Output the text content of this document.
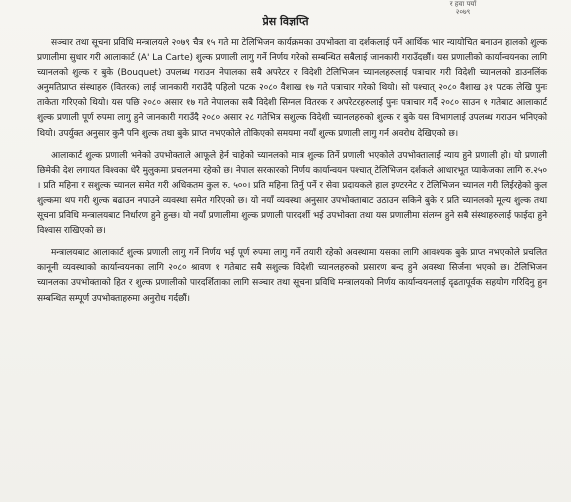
र हवा पर्या
२०७९
प्रेस विज्ञप्ति

सञ्चार तथा सूचना प्रविधि मन्त्रालयले २०७९ चैत्र १५ गते मा टेलिभिजन कार्यक्रमका उपभोक्ता वा दर्शकलाई पर्ने आर्थिक भार न्यायोचित बनाउन हालको शुल्क प्रणालीमा सुधार गरी आलाकार्ट (A' La Carte) शुल्क प्रणाली लागु गर्ने निर्णय गरेको सम्बन्धित सबैलाई जानकारी गराउँदछौं। यस प्रणालीको कार्यान्वयनका लागि च्यानलको शुल्क र बुके (Bouquet) उपलब्ध गराउन नेपालका सबै अपरेटर र विदेशी टेलिभिजन च्यानलहरुलाई पत्राचार गरी विदेशी च्यानलको डाउनलिंक अनुमतिप्राप्त संस्थाहरु (वितरक) लाई जानकारी गराउँदै पहिलो पटक २०८० वैशाख १७ गते पत्राचार गरेको थियो। सो पश्चात् २०८० वैशाख ३१ पटक लेखि पुनः ताकेता गरिएको थियो। यस पछि २०८० असार १७ गते नेपालका सबै विदेशी सिग्नल वितरक र अपरेटरहरुलाई पुनः पत्राचार गर्दै २०८० साउन १ गतेबाट आलाकार्ट शुल्क प्रणाली पूर्ण रुपमा लागु हुने जानकारी गराउँदै २०८० असार २८ गतेभित्र सशुल्क विदेशी च्यानलहरुको शुल्क र बुके यस विभागलाई उपलब्ध गराउन भनिएको थियो। उपर्युक्त अनुसार कुनै पनि शुल्क तथा बुके प्राप्त नभएकोले तोकिएको समयमा नयाँ शुल्क प्रणाली लागु गर्न अवरोध देखिएको छ।

आलाकार्ट शुल्क प्रणाली भनेको उपभोक्ताले आफूले हेर्न चाहेको च्यानलको मात्र शुल्क तिर्ने प्रणाली भएकोले उपभोक्तालाई न्याय हुने प्रणाली हो। यो प्रणाली छिमेकी देश लगायत विश्वका धेरै मुलुकमा प्रचलनमा रहेको छ। नेपाल सरकारको निर्णय कार्यान्वयन पश्चात् टेलिभिजन दर्शकले आधारभूत प्याकेजका लागि रु.२५० । प्रति महिना र सशुल्क च्यानल समेत गरी अधिकतम कुल रु. ५००। प्रति महिना तिर्नु पर्ने र सेवा प्रदायकले हाल इण्टरनेट र टेलिभिजन च्यानल गरी लिईरहेको कुल शुल्कमा थप गरी शुल्क बढाउन नपाउने व्यवस्था समेत गरिएको छ। यो नयाँ व्यवस्था अनुसार उपभोक्ताबाट उठाउन सकिने बुके र प्रति च्यानलको मूल्य शुल्क तथा सूचना प्रविधि मन्त्रालयबाट निर्धारण हुने हुन्छ। यो नयाँ प्रणालीमा शुल्क प्रणाली पारदर्शी भई उपभोक्ता तथा यस प्रणालीमा संलग्न हुने सबै संस्थाहरुलाई फाईदा हुने विश्वास राखिएको छ।

मन्त्रालयबाट आलाकार्ट शुल्क प्रणाली लागु गर्ने निर्णय भई पूर्ण रुपमा लागु गर्ने तयारी रहेको अवस्थामा यसका लागि आवश्यक बुके प्राप्त नभएकोले प्रचलित कानूनी व्यवस्थाको कार्यान्वयनका लागि २०८० श्रावण १ गतेबाट सबै सशुल्क विदेशी च्यानलहरुको प्रसारण बन्द हुने अवस्था सिर्जना भएको छ। टेलिभिजन च्यानलका उपभोक्ताको हित र शुल्क प्रणालीको पारदर्शिताका लागि सञ्चार तथा सूचना प्रविधि मन्त्रालयको निर्णय कार्यान्वयनलाई दृढतापूर्वक सहयोग गरिदिनु हुन सम्बन्धित सम्पूर्ण उपभोक्ताहरुमा अनुरोध गर्दछौं।
